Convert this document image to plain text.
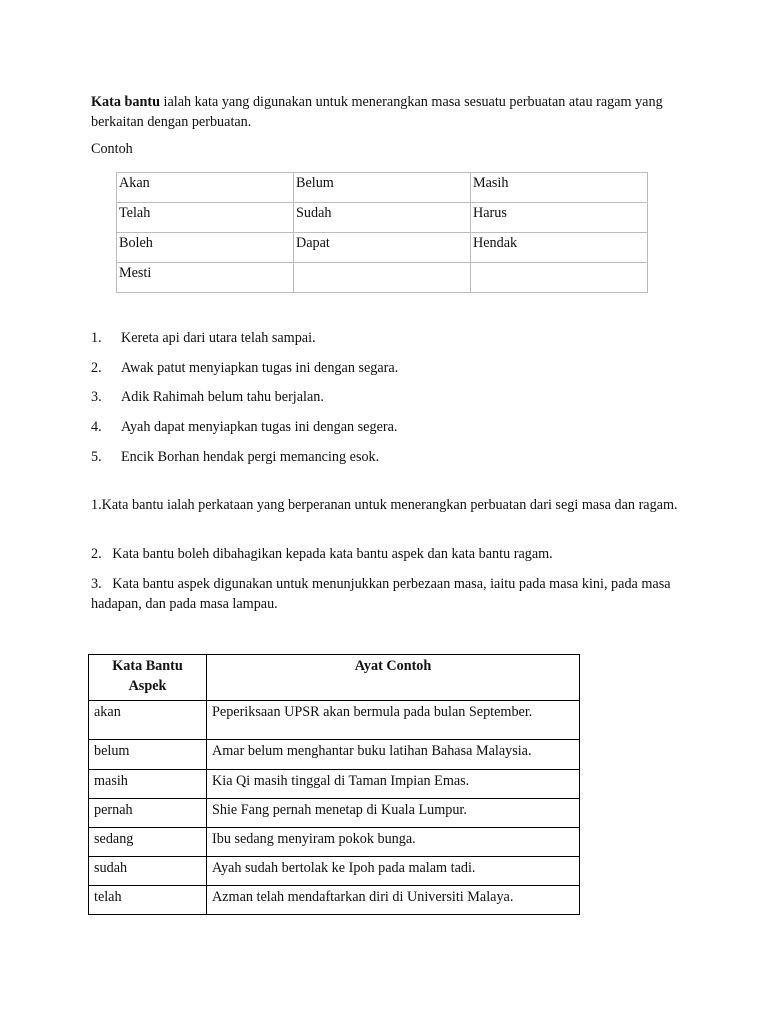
Kata bantu ialah kata yang digunakan untuk menerangkan masa sesuatu perbuatan atau ragam yang berkaitan dengan perbuatan.

Contoh

Akan	Belum	Masih
Telah	Sudah	Harus
Boleh	Dapat	Hendak
Mesti		
1. Kereta api dari utara telah sampai.
2. Awak patut menyiapkan tugas ini dengan segara.
3. Adik Rahimah belum tahu berjalan.
4. Ayah dapat menyiapkan tugas ini dengan segera.
5. Encik Borhan hendak pergi memancing esok.

1.Kata bantu ialah perkataan yang berperanan untuk menerangkan perbuatan dari segi masa dan ragam.

2.   Kata bantu boleh dibahagikan kepada kata bantu aspek dan kata bantu ragam.

3.   Kata bantu aspek digunakan untuk menunjukkan perbezaan masa, iaitu pada masa kini, pada masa hadapan, dan pada masa lampau.

Kata Bantu Aspek	Ayat Contoh
akan	Peperiksaan UPSR akan bermula pada bulan September.
belum	Amar belum menghantar buku latihan Bahasa Malaysia.
masih	Kia Qi masih tinggal di Taman Impian Emas.
pernah	Shie Fang pernah menetap di Kuala Lumpur.
sedang	Ibu sedang menyiram pokok bunga.
sudah	Ayah sudah bertolak ke Ipoh pada malam tadi.
telah	Azman telah mendaftarkan diri di Universiti Malaya.
